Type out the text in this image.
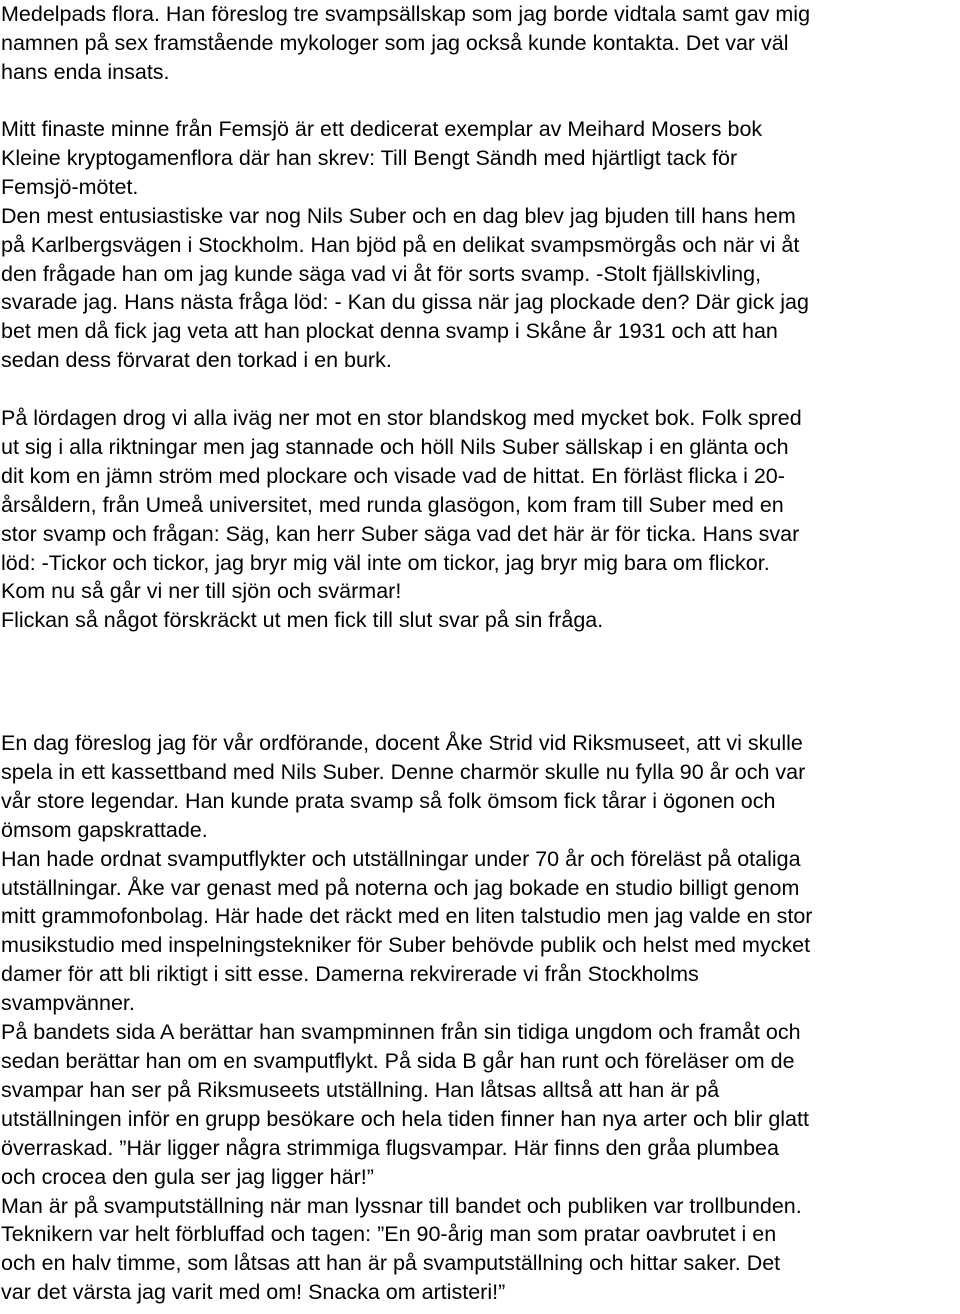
Medelpads flora. Han föreslog tre svampsällskap som jag borde vidtala samt gav mig
namnen på sex framstående mykologer som jag också kunde kontakta. Det var väl
hans enda insats.

Mitt finaste minne från Femsjö är ett dedicerat exemplar av Meihard Mosers bok
Kleine kryptogamenflora där han skrev: Till Bengt Sändh med hjärtligt tack för
Femsjö-mötet.
Den mest entusiastiske var nog Nils Suber och en dag blev jag bjuden till hans hem
på Karlbergsvägen i Stockholm. Han bjöd på en delikat svampsmörgås och när vi åt
den frågade han om jag kunde säga vad vi åt för sorts svamp. -Stolt fjällskivling,
svarade jag. Hans nästa fråga löd: - Kan du gissa när jag plockade den? Där gick jag
bet men då fick jag veta att han plockat denna svamp i Skåne år 1931 och att han
sedan dess förvarat den torkad i en burk.

På lördagen drog vi alla iväg ner mot en stor blandskog med mycket bok. Folk spred
ut sig i alla riktningar men jag stannade och höll Nils Suber sällskap i en glänta och
dit kom en jämn ström med plockare och visade vad de hittat. En förläst flicka i 20-
årsåldern, från Umeå universitet, med runda glasögon, kom fram till Suber med en
stor svamp och frågan: Säg, kan herr Suber säga vad det här är för ticka. Hans svar
löd: -Tickor och tickor, jag bryr mig väl inte om tickor, jag bryr mig bara om flickor.
Kom nu så går vi ner till sjön och svärmar!
Flickan så något förskräckt ut men fick till slut svar på sin fråga.

En dag föreslog jag för vår ordförande, docent Åke Strid vid Riksmuseet, att vi skulle
spela in ett kassettband med Nils Suber. Denne charmör skulle nu fylla 90 år och var
vår store legendar. Han kunde prata svamp så folk ömsom fick tårar i ögonen och
ömsom gapskrattade.
Han hade ordnat svamputflykter och utställningar under 70 år och föreläst på otaliga
utställningar. Åke var genast med på noterna och jag bokade en studio billigt genom
mitt grammofonbolag. Här hade det räckt med en liten talstudio men jag valde en stor
musikstudio med inspelningstekniker för Suber behövde publik och helst med mycket
damer för att bli riktigt i sitt esse. Damerna rekvirerade vi från Stockholms
svampvänner.
På bandets sida A berättar han svampminnen från sin tidiga ungdom och framåt och
sedan berättar han om en svamputflykt. På sida B går han runt och föreläser om de
svampar han ser på Riksmuseets utställning. Han låtsas alltså att han är på
utställningen inför en grupp besökare och hela tiden finner han nya arter och blir glatt
överraskad. ”Här ligger några strimmiga flugsvampar. Här finns den gråa plumbea
och crocea den gula ser jag ligger här!”
Man är på svamputställning när man lyssnar till bandet och publiken var trollbunden.
Teknikern var helt förbluffad och tagen: ”En 90-årig man som pratar oavbrutet i en
och en halv timme, som låtsas att han är på svamputställning och hittar saker. Det
var det värsta jag varit med om! Snacka om artisteri!”
